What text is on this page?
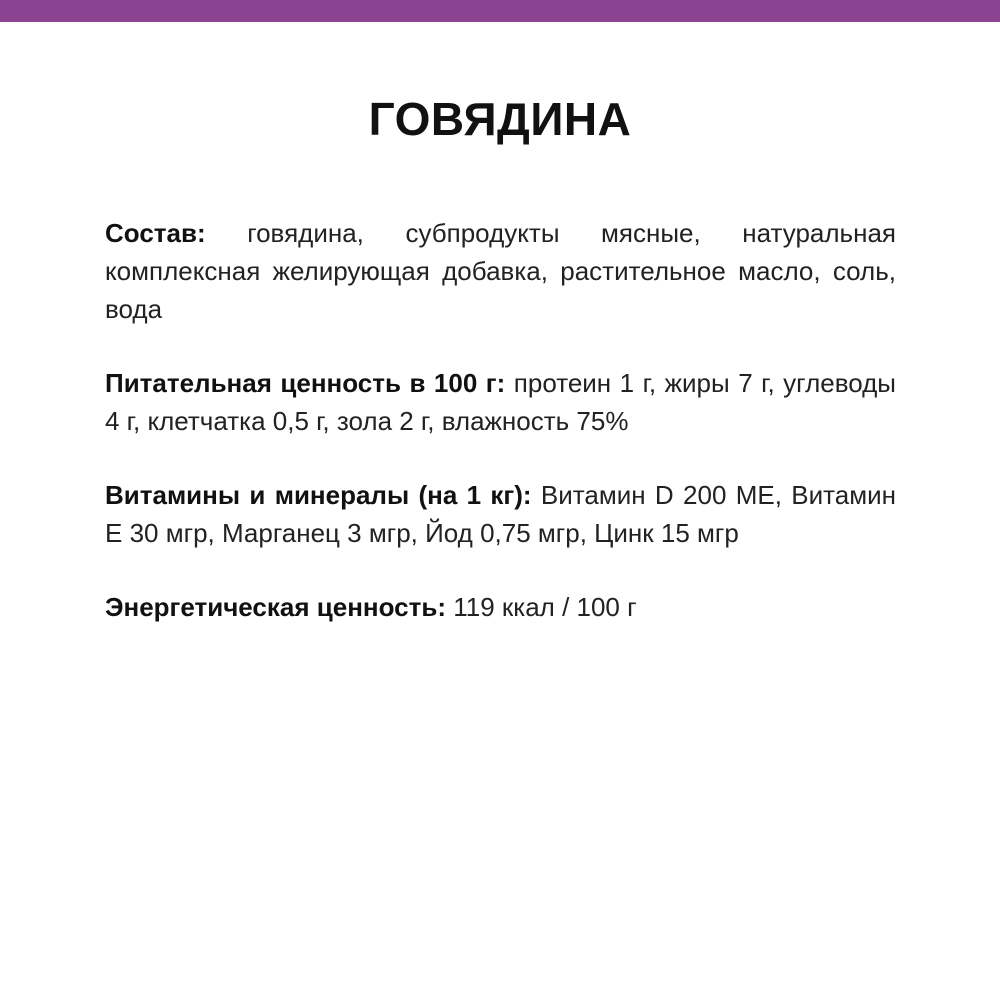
ГОВЯДИНА

Состав: говядина, субпродукты мясные, натуральная комплексная желирующая добавка, растительное масло, соль, вода

Питательная ценность в 100 г: протеин 1 г, жиры 7 г, углеводы 4 г, клетчатка 0,5 г, зола 2 г, влажность 75%

Витамины и минералы (на 1 кг): Витамин D 200 МЕ, Витамин Е 30 мгр, Марганец 3 мгр, Йод 0,75 мгр, Цинк 15 мгр

Энергетическая ценность: 119 ккал / 100 г
